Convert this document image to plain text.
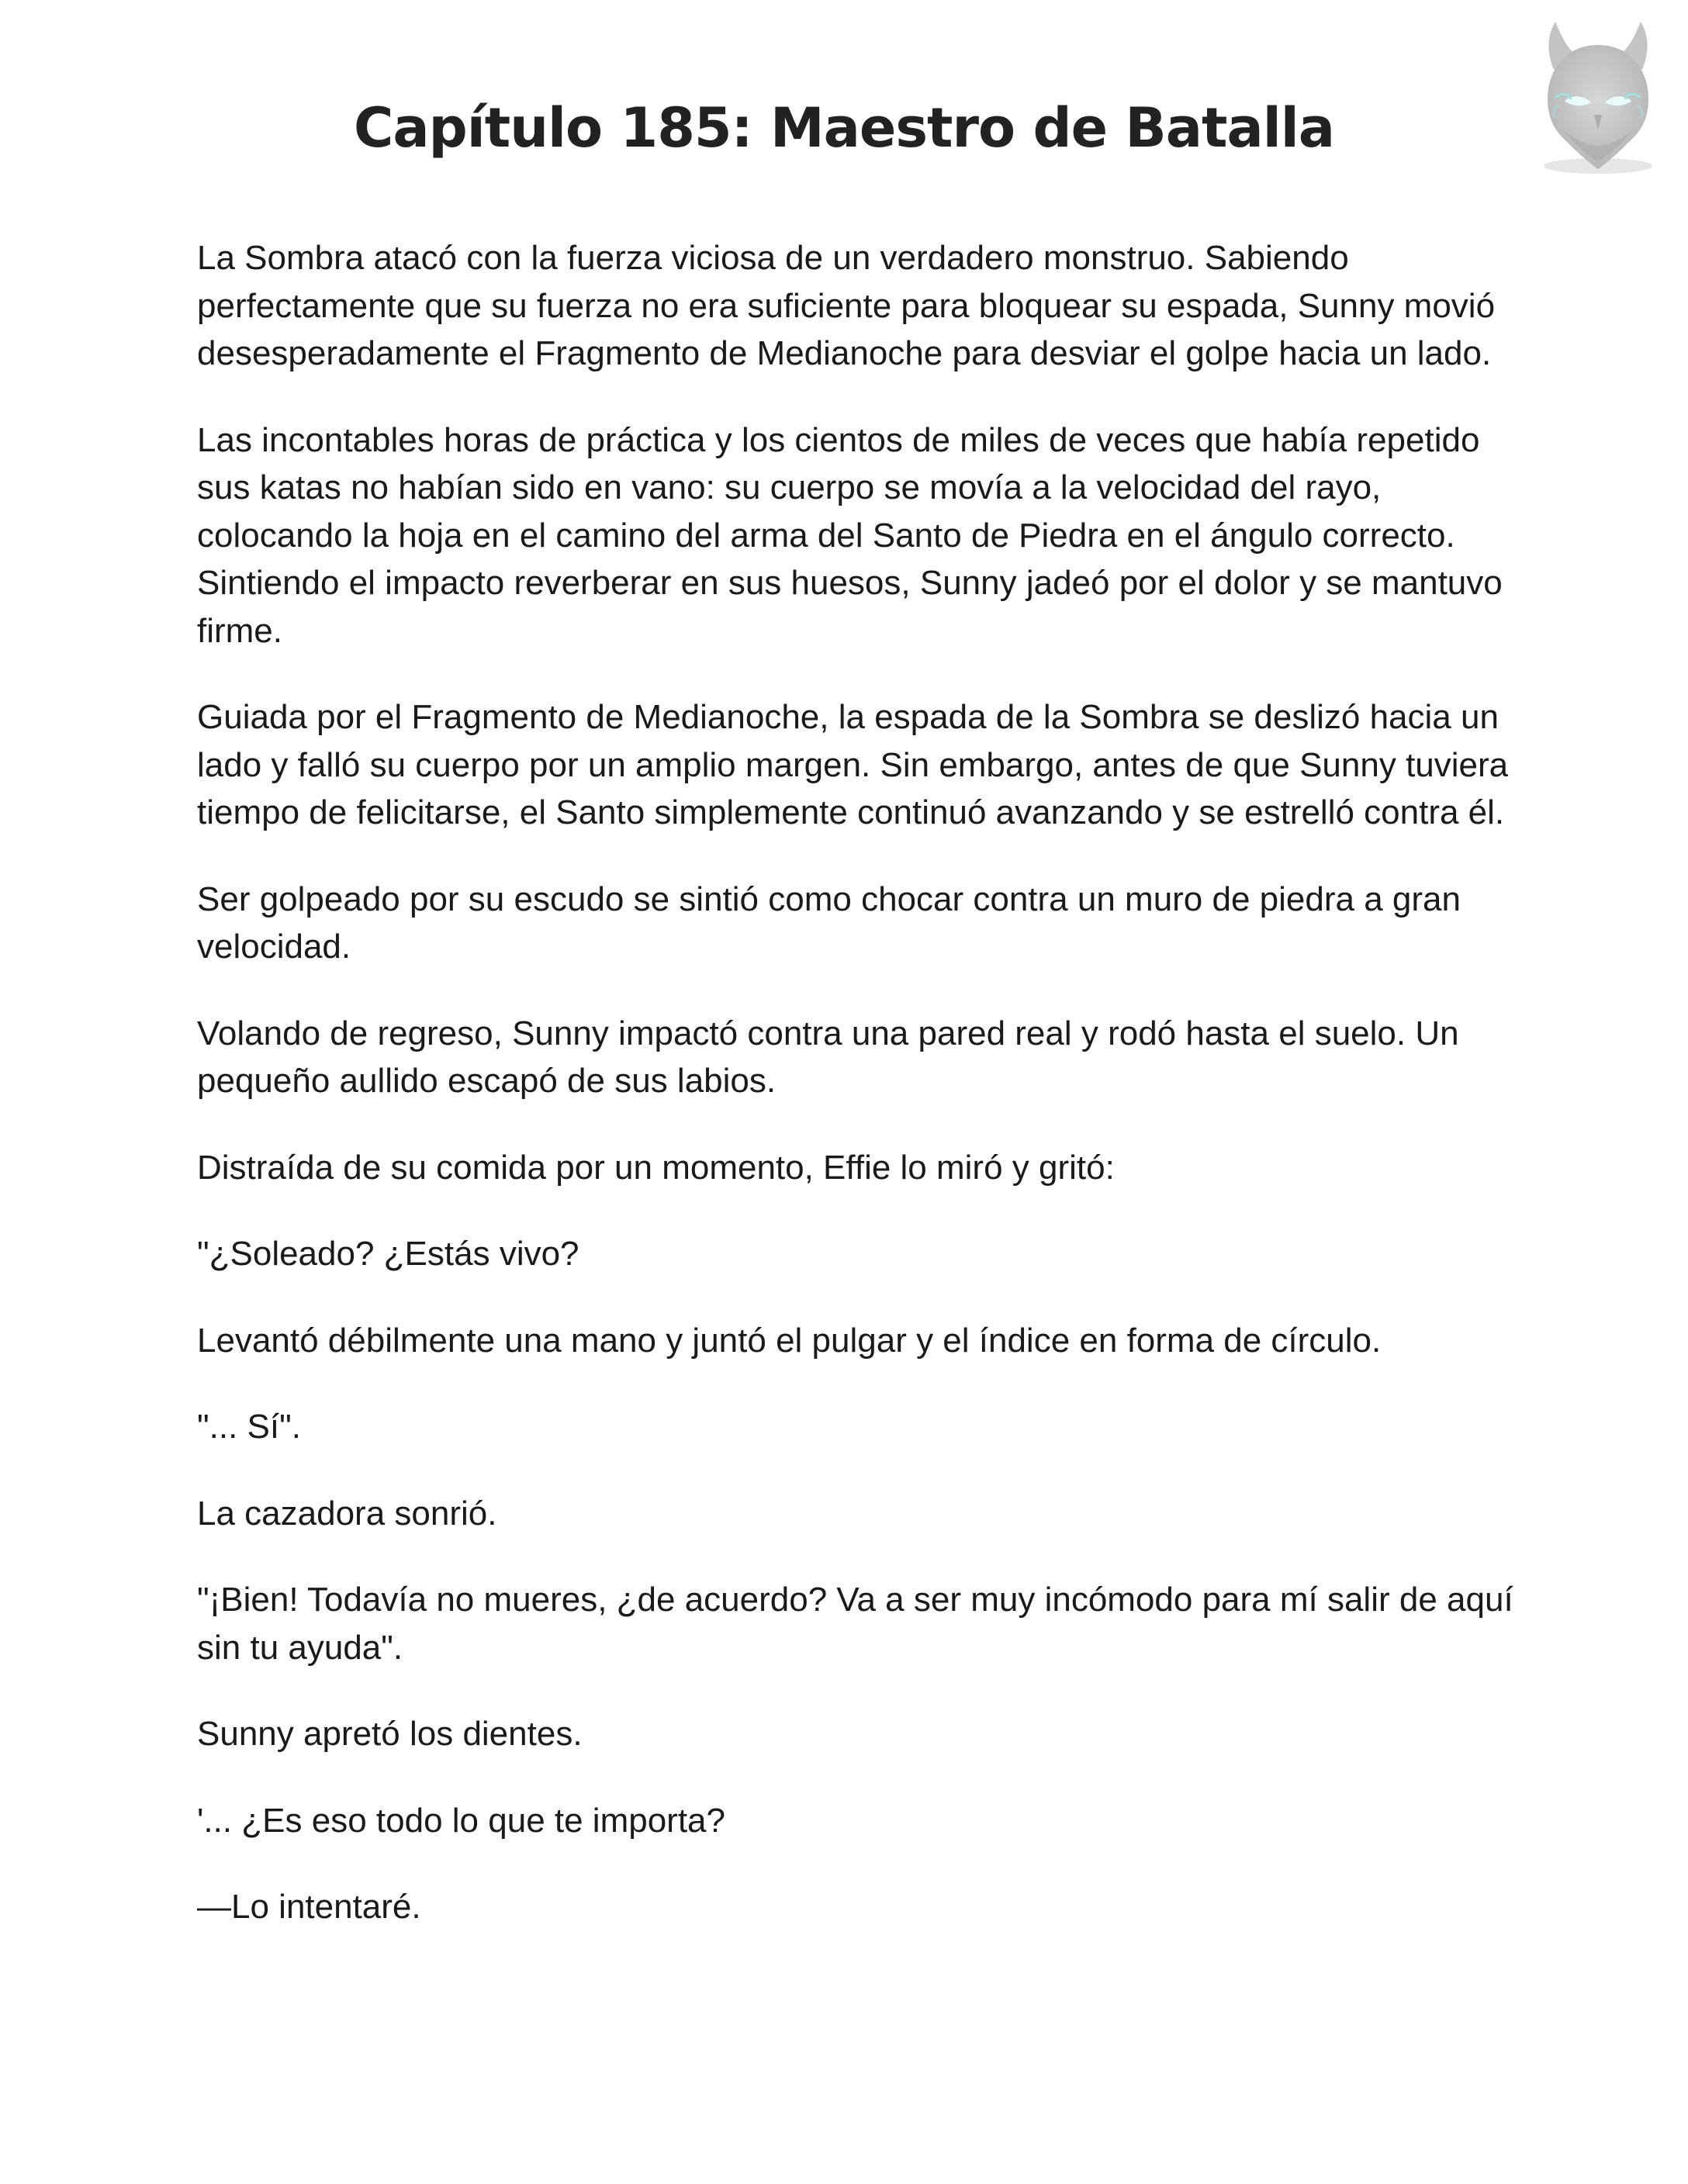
Capítulo 185: Maestro de Batalla

La Sombra atacó con la fuerza viciosa de un verdadero monstruo. Sabiendo perfectamente que su fuerza no era suficiente para bloquear su espada, Sunny movió desesperadamente el Fragmento de Medianoche para desviar el golpe hacia un lado.

Las incontables horas de práctica y los cientos de miles de veces que había repetido sus katas no habían sido en vano: su cuerpo se movía a la velocidad del rayo, colocando la hoja en el camino del arma del Santo de Piedra en el ángulo correcto. Sintiendo el impacto reverberar en sus huesos, Sunny jadeó por el dolor y se mantuvo firme.

Guiada por el Fragmento de Medianoche, la espada de la Sombra se deslizó hacia un lado y falló su cuerpo por un amplio margen. Sin embargo, antes de que Sunny tuviera tiempo de felicitarse, el Santo simplemente continuó avanzando y se estrelló contra él.

Ser golpeado por su escudo se sintió como chocar contra un muro de piedra a gran velocidad.

Volando de regreso, Sunny impactó contra una pared real y rodó hasta el suelo. Un pequeño aullido escapó de sus labios.

Distraída de su comida por un momento, Effie lo miró y gritó:

"¿Soleado? ¿Estás vivo?

Levantó débilmente una mano y juntó el pulgar y el índice en forma de círculo.

"... Sí".

La cazadora sonrió.

"¡Bien! Todavía no mueres, ¿de acuerdo? Va a ser muy incómodo para mí salir de aquí sin tu ayuda".

Sunny apretó los dientes.

'... ¿Es eso todo lo que te importa?

—Lo intentaré.
